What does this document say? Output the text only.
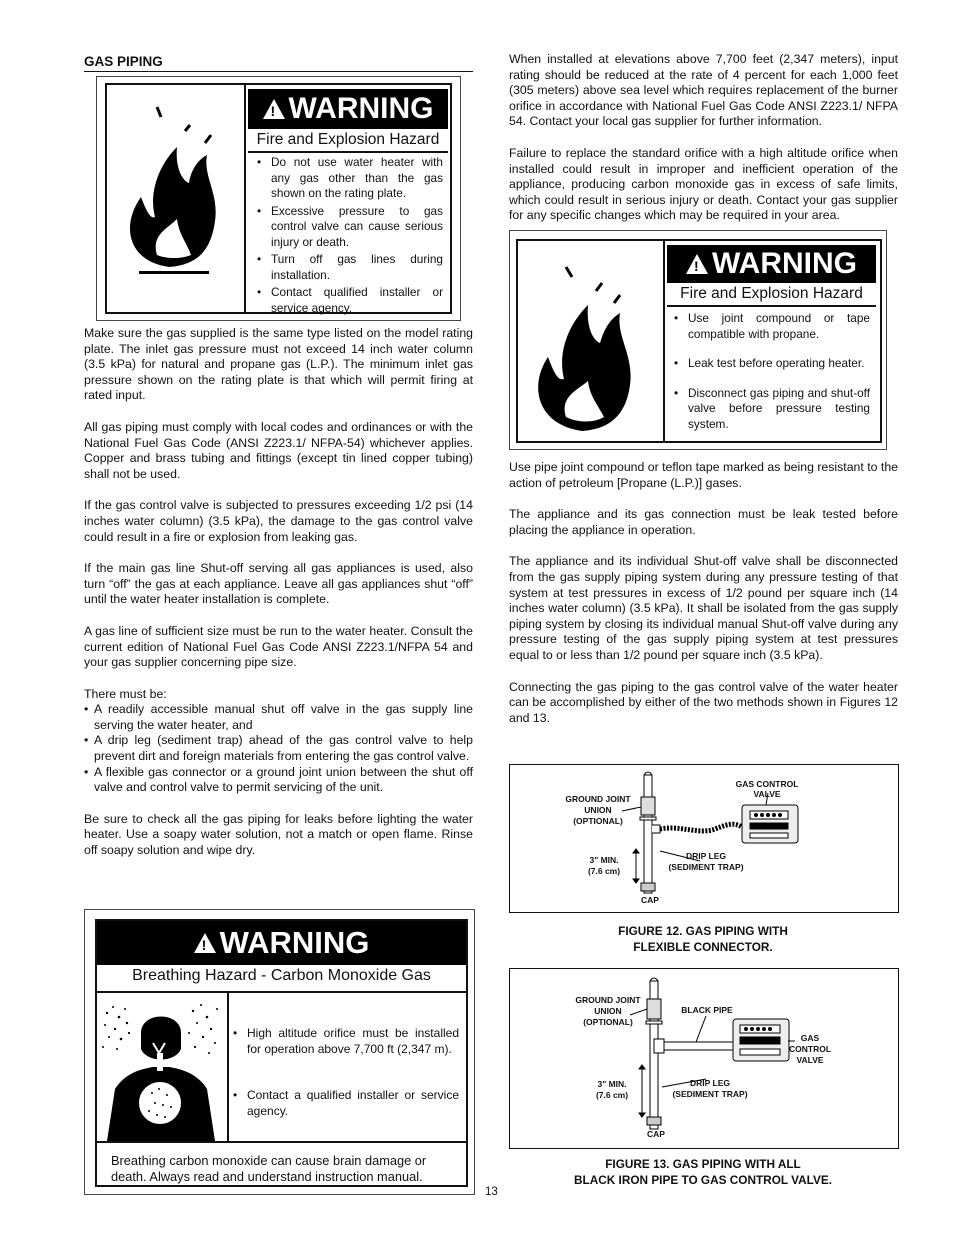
GAS PIPING
! WARNING
Fire and Explosion Hazard
• Do not use water heater with any gas other than the gas shown on the rating plate.
• Excessive pressure to gas control valve can cause serious injury or death.
• Turn off gas lines during installation.
• Contact qualified installer or service agency.

Make sure the gas supplied is the same type listed on the model rating plate. The inlet gas pressure must not exceed 14 inch water column (3.5 kPa) for natural and propane gas (L.P.). The minimum inlet gas pressure shown on the rating plate is that which will permit firing at rated input.

All gas piping must comply with local codes and ordinances or with the National Fuel Gas Code (ANSI Z223.1/ NFPA-54) whichever applies. Copper and brass tubing and fittings (except tin lined copper tubing) shall not be used.

If the gas control valve is subjected to pressures exceeding 1/2 psi (14 inches water column) (3.5 kPa), the damage to the gas control valve could result in a fire or explosion from leaking gas.

If the main gas line Shut-off serving all gas appliances is used, also turn “off” the gas at each appliance. Leave all gas appliances shut “off” until the water heater installation is complete.

A gas line of sufficient size must be run to the water heater. Consult the current edition of National Fuel Gas Code ANSI Z223.1/NFPA 54 and your gas supplier concerning pipe size.

There must be:

• A readily accessible manual shut off valve in the gas supply line serving the water heater, and
• A drip leg (sediment trap) ahead of the gas control valve to help prevent dirt and foreign materials from entering the gas control valve.
• A flexible gas connector or a ground joint union between the shut off valve and control valve to permit servicing of the unit.

Be sure to check all the gas piping for leaks before lighting the water heater. Use a soapy water solution, not a match or open flame. Rinse off soapy solution and wipe dry.

! WARNING
Breathing Hazard - Carbon Monoxide Gas
• High altitude orifice must be installed for operation above 7,700 ft (2,347 m).
• Contact a qualified installer or service agency.
Breathing carbon monoxide can cause brain damage or death. Always read and understand instruction manual.

When installed at elevations above 7,700 feet (2,347 meters), input rating should be reduced at the rate of 4 percent for each 1,000 feet (305 meters) above sea level which requires replacement of the burner orifice in accordance with National Fuel Gas Code ANSI Z223.1/ NFPA 54. Contact your local gas supplier for further information.

Failure to replace the standard orifice with a high altitude orifice when installed could result in improper and inefficient operation of the appliance, producing carbon monoxide gas in excess of safe limits, which could result in serious injury or death. Contact your gas supplier for any specific changes which may be required in your area.

! WARNING
Fire and Explosion Hazard
• Use joint compound or tape compatible with propane.
• Leak test before operating heater.
• Disconnect gas piping and shut-off valve before pressure testing system.

Use pipe joint compound or teflon tape marked as being resistant to the action of petroleum [Propane (L.P.)] gases.

The appliance and its gas connection must be leak tested before placing the appliance in operation.

The appliance and its individual Shut-off valve shall be disconnected from the gas supply piping system during any pressure testing of that system at test pressures in excess of 1/2 pound per square inch (14 inches water column) (3.5 kPa). It shall be isolated from the gas supply piping system by closing its individual manual Shut-off valve during any pressure testing of the gas supply piping system at test pressures equal to or less than 1/2 pound per square inch (3.5 kPa).

Connecting the gas piping to the gas control valve of the water heater can be accomplished by either of the two methods shown in Figures 12 and 13.

GROUND JOINT
UNION
(OPTIONAL)
GAS CONTROL
VALVE
3" MIN.
(7.6 cm)
DRIP LEG
(SEDIMENT TRAP)
CAP
FIGURE 12. GAS PIPING WITH
FLEXIBLE CONNECTOR.
GROUND JOINT
UNION
(OPTIONAL)
BLACK PIPE
GAS
CONTROL
VALVE
3" MIN.
(7.6 cm)
DRIP LEG
(SEDIMENT TRAP)
CAP
FIGURE 13. GAS PIPING WITH ALL
BLACK IRON PIPE TO GAS CONTROL VALVE.
13
